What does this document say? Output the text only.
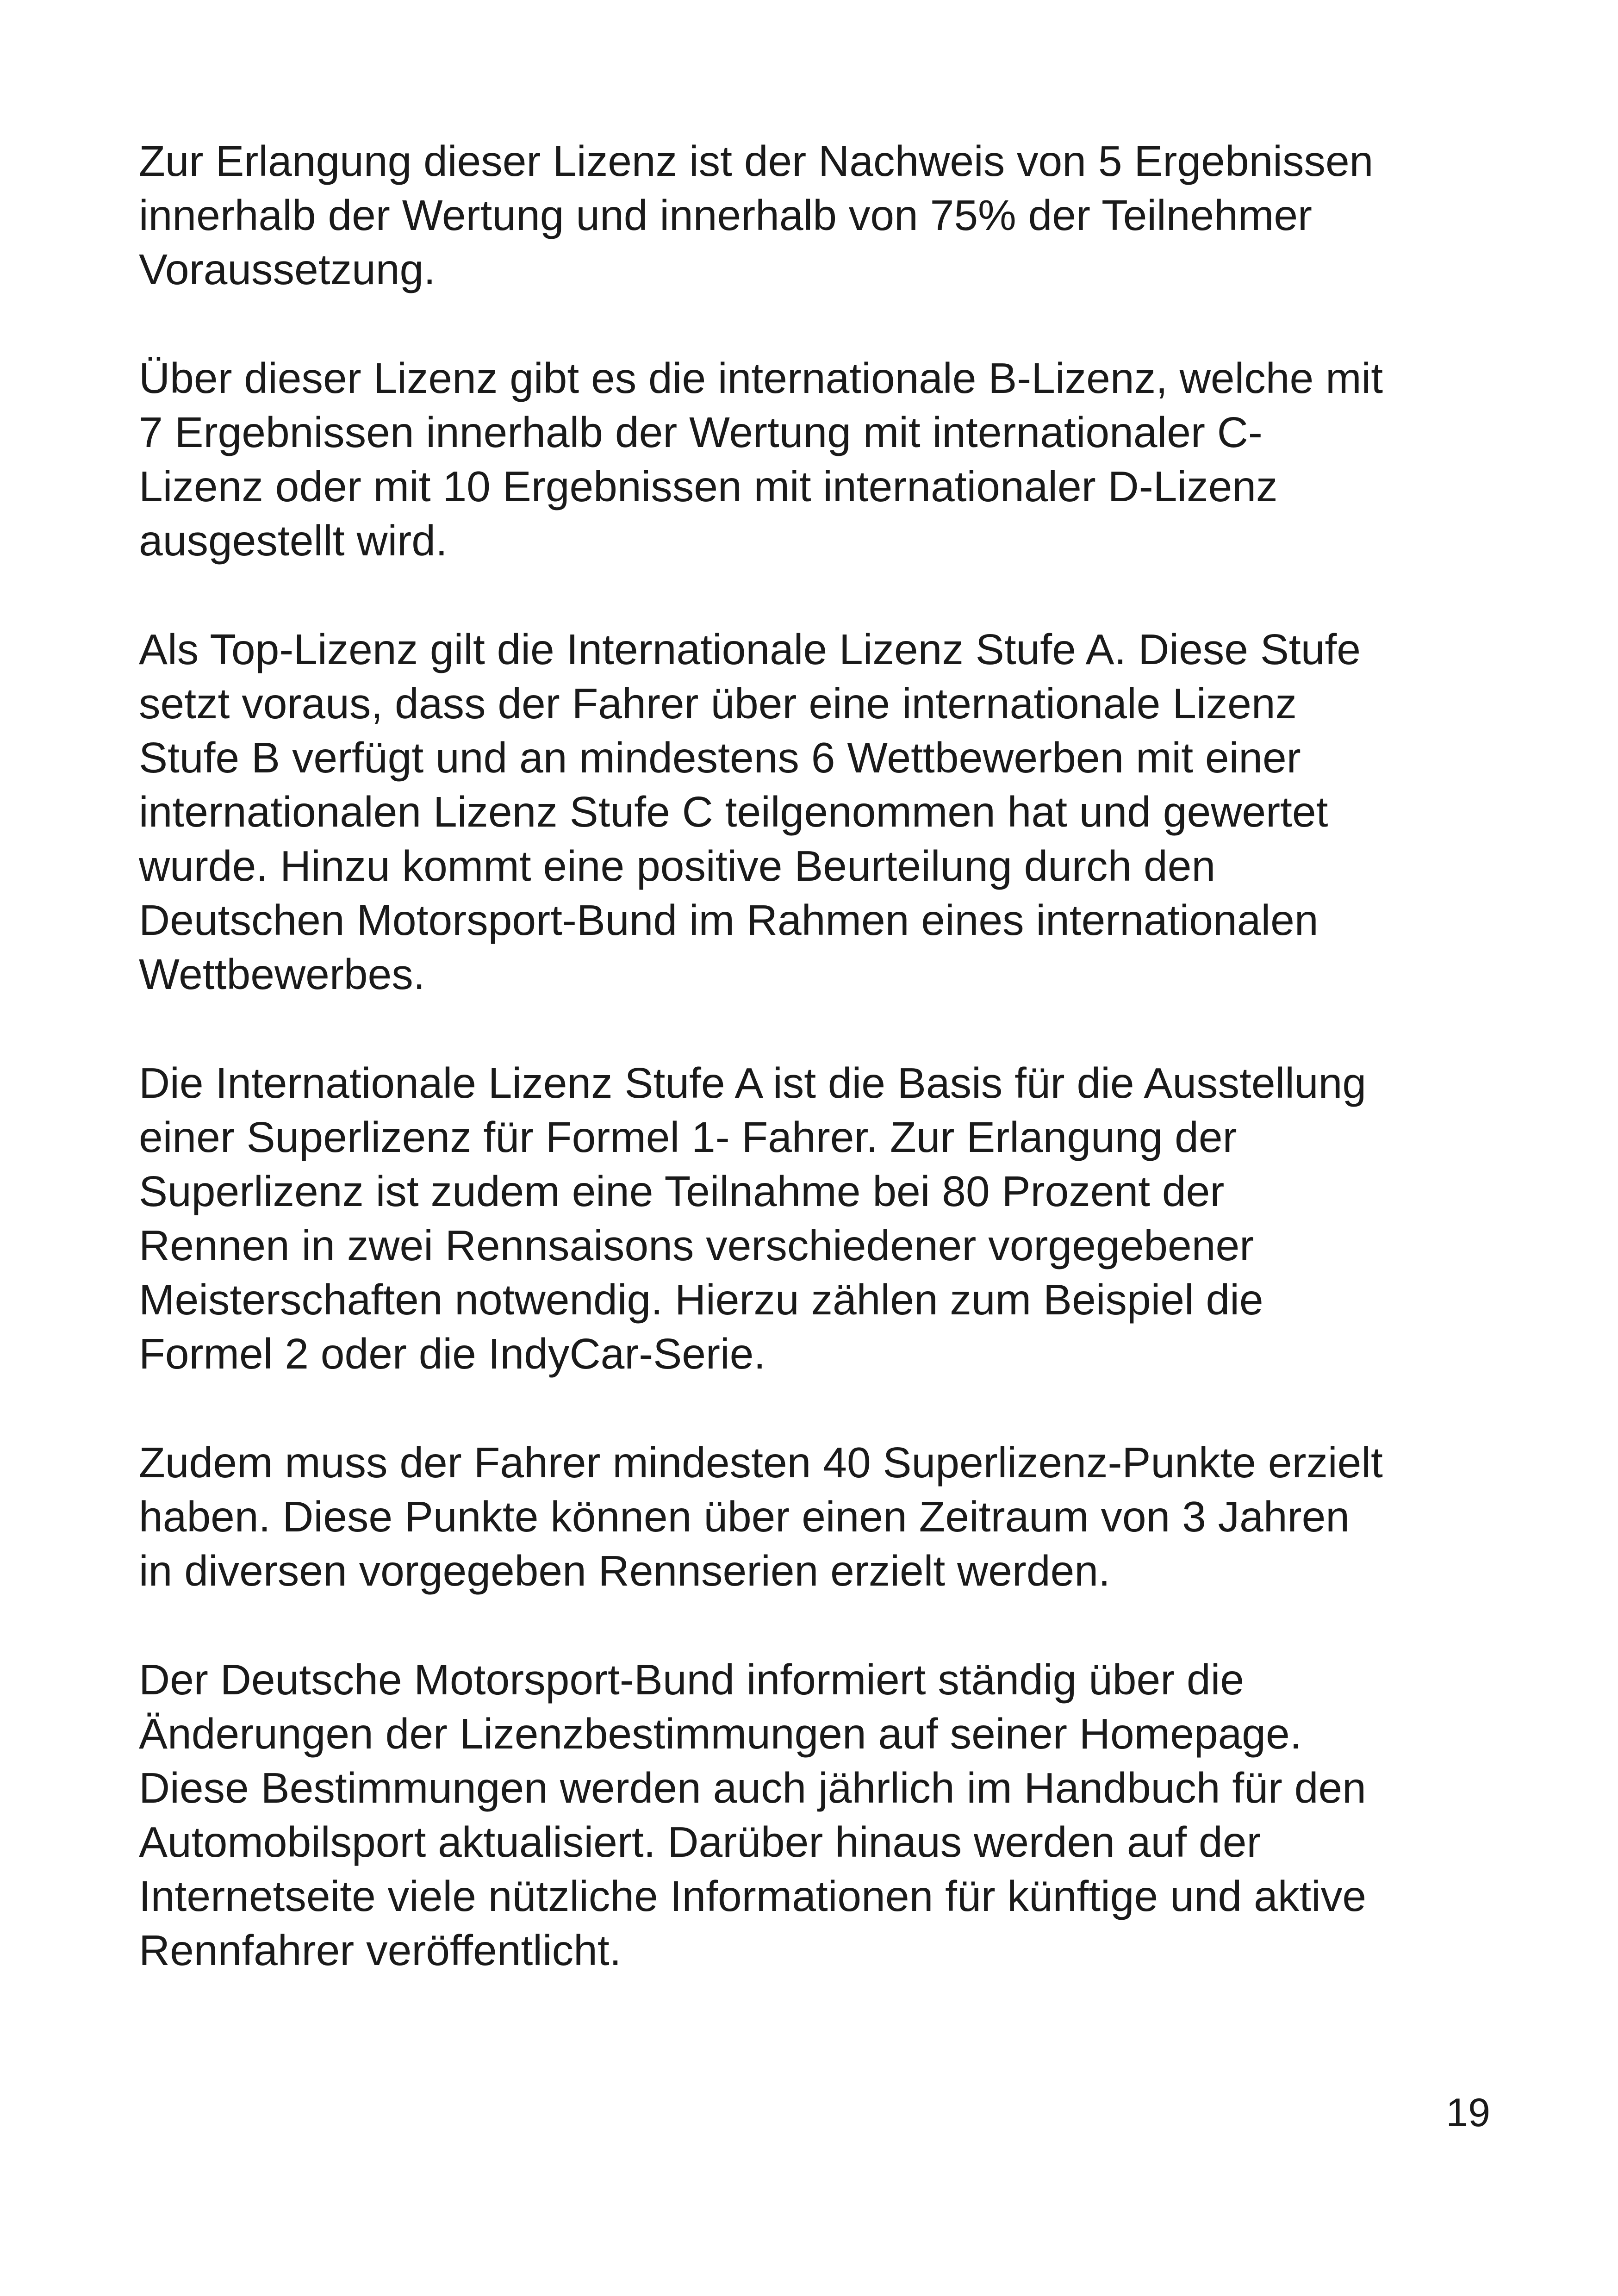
Zur Erlangung dieser Lizenz ist der Nachweis von 5 Ergebnissen
innerhalb der Wertung und innerhalb von 75% der Teilnehmer
Voraussetzung.

Über dieser Lizenz gibt es die internationale B-Lizenz, welche mit
7 Ergebnissen innerhalb der Wertung mit internationaler C-
Lizenz oder mit 10 Ergebnissen mit internationaler D-Lizenz
ausgestellt wird.

Als Top-Lizenz gilt die Internationale Lizenz Stufe A. Diese Stufe
setzt voraus, dass der Fahrer über eine internationale Lizenz
Stufe B verfügt und an mindestens 6 Wettbewerben mit einer
internationalen Lizenz Stufe C teilgenommen hat und gewertet
wurde. Hinzu kommt eine positive Beurteilung durch den
Deutschen Motorsport-Bund im Rahmen eines internationalen
Wettbewerbes.

Die Internationale Lizenz Stufe A ist die Basis für die Ausstellung
einer Superlizenz für Formel 1- Fahrer. Zur Erlangung der
Superlizenz ist zudem eine Teilnahme bei 80 Prozent der
Rennen in zwei Rennsaisons verschiedener vorgegebener
Meisterschaften notwendig. Hierzu zählen zum Beispiel die
Formel 2 oder die IndyCar-Serie.

Zudem muss der Fahrer mindesten 40 Superlizenz-Punkte erzielt
haben. Diese Punkte können über einen Zeitraum von 3 Jahren
in diversen vorgegeben Rennserien erzielt werden.

Der Deutsche Motorsport-Bund informiert ständig über die
Änderungen der Lizenzbestimmungen auf seiner Homepage.
Diese Bestimmungen werden auch jährlich im Handbuch für den
Automobilsport aktualisiert. Darüber hinaus werden auf der
Internetseite viele nützliche Informationen für künftige und aktive
Rennfahrer veröffentlicht.

19
